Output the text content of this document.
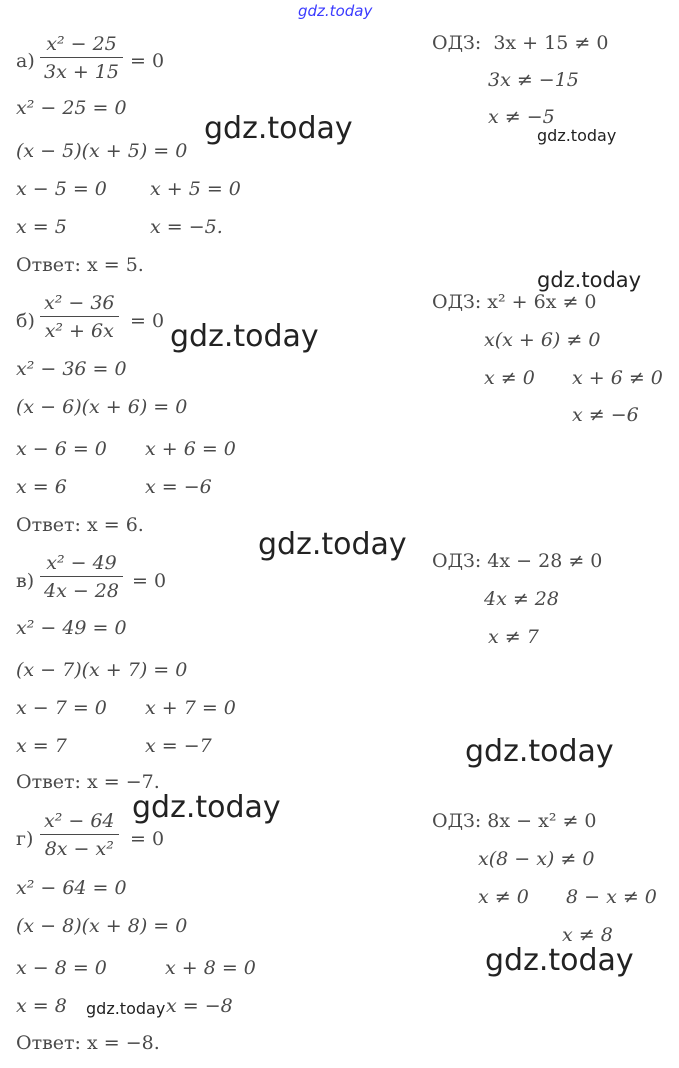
gdz.today
$а) \frac{\text{x² − 25}}{3x + 15} = 0$
x² − 25 = 0
(x − 5)(x + 5) = 0
x − 5 = 0 x + 5 = 0
x = 5	x = −5.
Ответ: x = 5.
ОДЗ:  3x + 15 ≠ 0
3x ≠ −15
x ≠ −5
$б) \frac{\text{x² − 36}}{\text{x² + 6x}} = 0$
x² − 36 = 0
(x − 6)(x + 6) = 0
x − 6 = 0 x + 6 = 0
x = 6	x = −6
Ответ: x = 6.
ОДЗ: x² + 6x ≠ 0
x(x + 6) ≠ 0
x ≠ 0 x + 6 ≠ 0
x ≠ −6
$в) \frac{\text{x² − 49}}{4x - 28} = 0$
x² − 49 = 0
(x − 7)(x + 7) = 0
x − 7 = 0 x + 7 = 0
x = 7	x = −7
Ответ: x = −7.
ОДЗ: 4x − 28 ≠ 0
4x ≠ 28
x ≠ 7
$г) \frac{\text{x² − 64}}{\text{8x − x²}} = 0$
x² − 64 = 0
(x − 8)(x + 8) = 0
x − 8 = 0	x + 8 = 0
x = 8	x = −8
Ответ: x = −8.
ОДЗ: 8x − x² ≠ 0
x(8 − x) ≠ 0
x ≠ 0 8 − x ≠ 0
x ≠ 8
gdz.today	gdz.today
gdz.today
gdz.today
gdz.today
gdz.today
gdz.today
gdz.today
gdz.today
